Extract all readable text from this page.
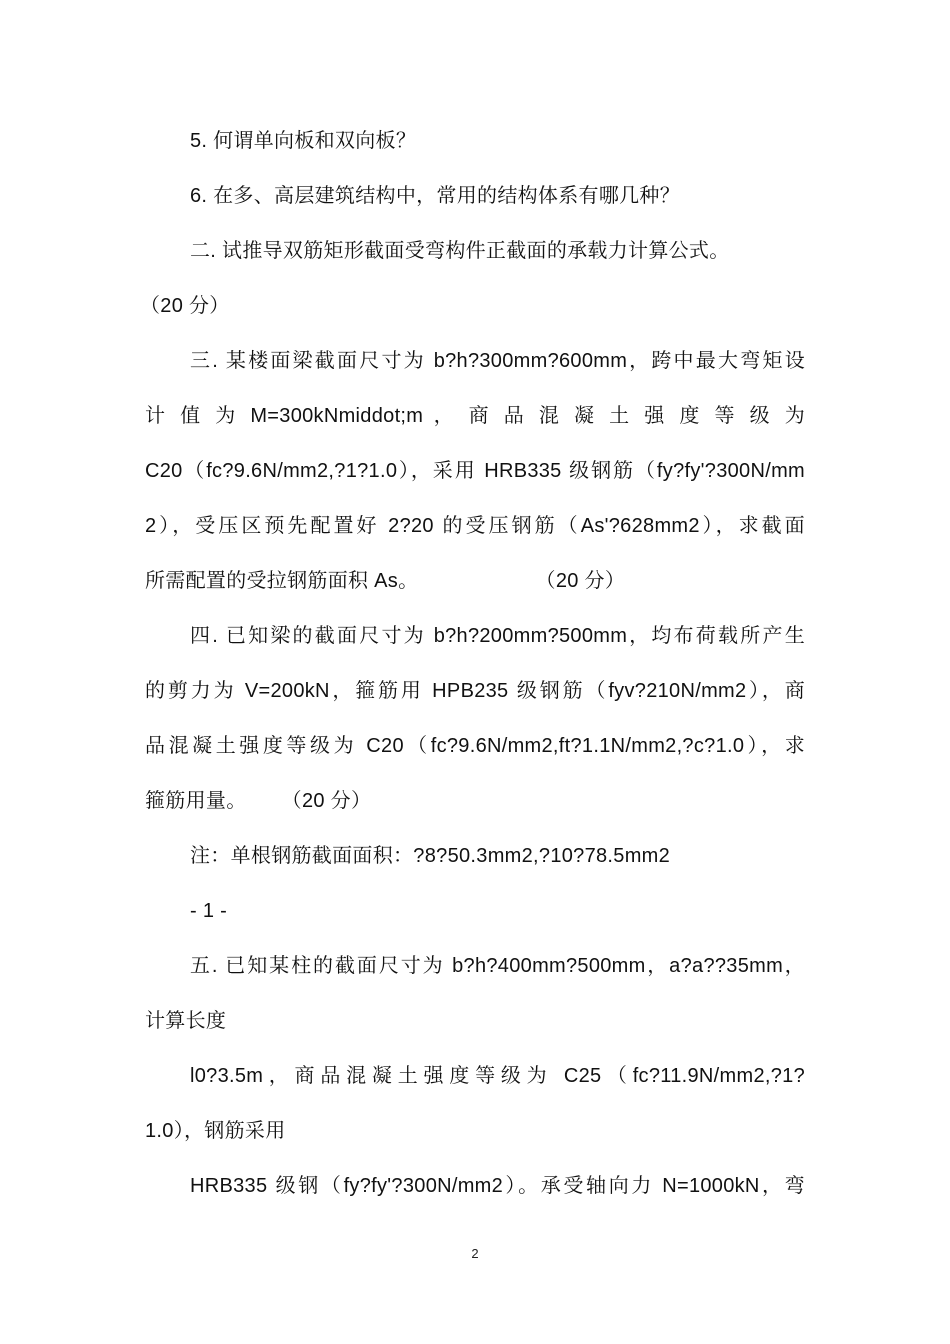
5. 何谓单向板和双向板？
6. 在多、高层建筑结构中，常用的结构体系有哪几种？
二. 试推导双筋矩形截面受弯构件正截面的承载力计算公式。
（20 分）
三. 某楼面梁截面尺寸为 b?h?300mm?600mm，跨中最大弯矩设
计 值 为 M=300kNmiddot;m ， 商 品 混 凝 土 强 度 等 级 为
C20（fc?9.6N/mm2,?1?1.0），采用 HRB335 级钢筋（fy?fy'?300N/mm
2），受压区预先配置好 2?20 的受压钢筋（As'?628mm2），求截面
所需配置的受拉钢筋面积 As。                    （20 分）
四. 已知梁的截面尺寸为 b?h?200mm?500mm，均布荷载所产生
的剪力为 V=200kN，箍筋用 HPB235 级钢筋（fyv?210N/mm2），商
品混凝土强度等级为 C20（fc?9.6N/mm2,ft?1.1N/mm2,?c?1.0），求
箍筋用量。      （20 分）
注：单根钢筋截面面积：?8?50.3mm2,?10?78.5mm2
- 1 -
五. 已知某柱的截面尺寸为 b?h?400mm?500mm，a?a??35mm，
计算长度
l0?3.5m，商品混凝土强度等级为 C25（fc?11.9N/mm2,?1?
1.0），钢筋采用
HRB335 级钢（fy?fy'?300N/mm2）。承受轴向力 N=1000kN，弯
2
